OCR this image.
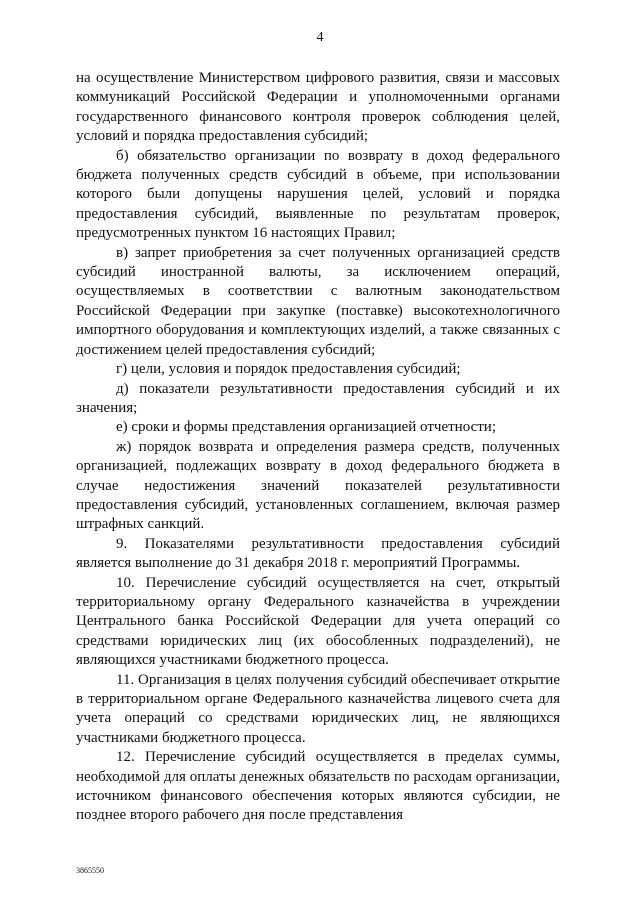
4

на осуществление Министерством цифрового развития, связи и массовых коммуникаций Российской Федерации и уполномоченными органами государственного финансового контроля проверок соблюдения целей, условий и порядка предоставления субсидий;

б) обязательство организации по возврату в доход федерального бюджета полученных средств субсидий в объеме, при использовании которого были допущены нарушения целей, условий и порядка предоставления субсидий, выявленные по результатам проверок, предусмотренных пунктом 16 настоящих Правил;

в) запрет приобретения за счет полученных организацией средств субсидий иностранной валюты, за исключением операций, осуществляемых в соответствии с валютным законодательством Российской Федерации при закупке (поставке) высокотехнологичного импортного оборудования и комплектующих изделий, а также связанных с достижением целей предоставления субсидий;

г) цели, условия и порядок предоставления субсидий;

д) показатели результативности предоставления субсидий и их значения;

е) сроки и формы представления организацией отчетности;

ж) порядок возврата и определения размера средств, полученных организацией, подлежащих возврату в доход федерального бюджета в случае недостижения значений показателей результативности предоставления субсидий, установленных соглашением, включая размер штрафных санкций.

9. Показателями результативности предоставления субсидий является выполнение до 31 декабря 2018 г. мероприятий Программы.

10. Перечисление субсидий осуществляется на счет, открытый территориальному органу Федерального казначейства в учреждении Центрального банка Российской Федерации для учета операций со средствами юридических лиц (их обособленных подразделений), не являющихся участниками бюджетного процесса.

11. Организация в целях получения субсидий обеспечивает открытие в территориальном органе Федерального казначейства лицевого счета для учета операций со средствами юридических лиц, не являющихся участниками бюджетного процесса.

12. Перечисление субсидий осуществляется в пределах суммы, необходимой для оплаты денежных обязательств по расходам организации, источником финансового обеспечения которых являются субсидии, не позднее второго рабочего дня после представления

3865550
